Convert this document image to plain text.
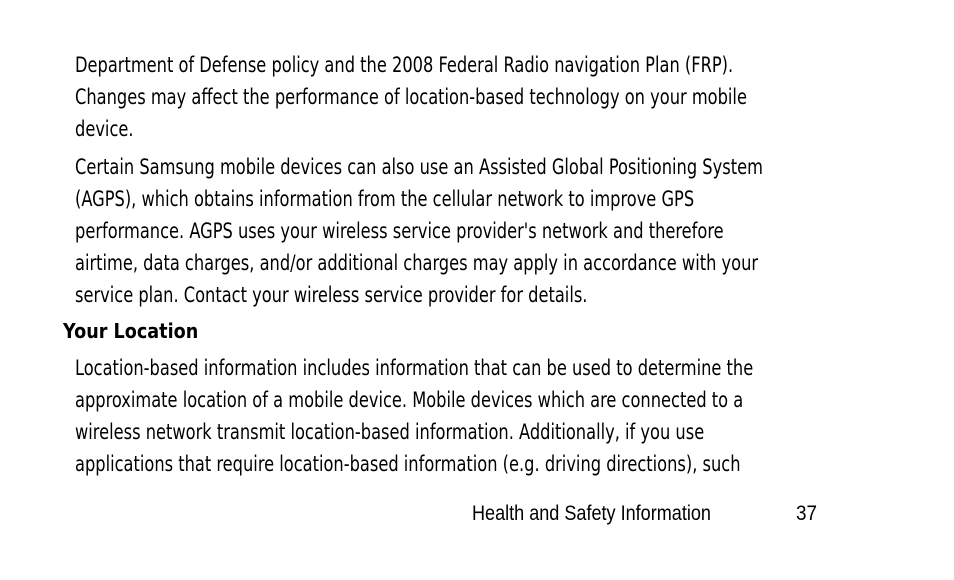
Department of Defense policy and the 2008 Federal Radio navigation Plan (FRP).
Changes may affect the performance of location-based technology on your mobile
device.

Certain Samsung mobile devices can also use an Assisted Global Positioning System
(AGPS), which obtains information from the cellular network to improve GPS
performance. AGPS uses your wireless service provider's network and therefore
airtime, data charges, and/or additional charges may apply in accordance with your
service plan. Contact your wireless service provider for details.

Your Location

Location-based information includes information that can be used to determine the
approximate location of a mobile device. Mobile devices which are connected to a
wireless network transmit location-based information. Additionally, if you use
applications that require location-based information (e.g. driving directions), such

Health and Safety Information	37
